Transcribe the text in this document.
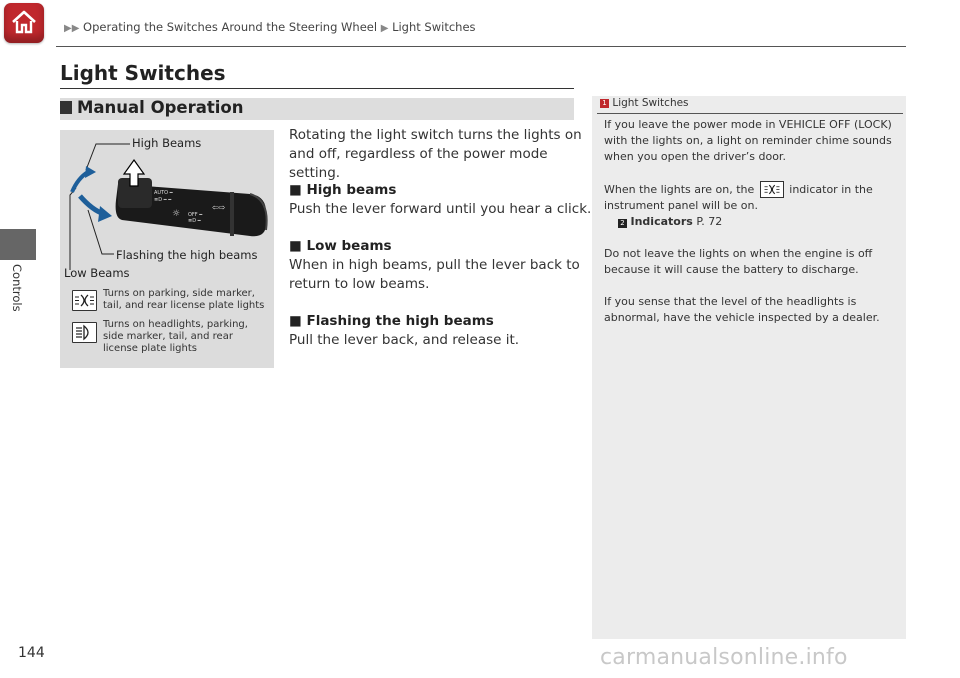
▶▶ Operating the Switches Around the Steering Wheel ▶ Light Switches
Controls
Light Switches
Manual Operation
☼ ⊲ ━
AUTO ━
≣D ━ ━
☼ OFF ━
≣D ━
⇦⇨
High Beams
Flashing the high beams
Low Beams
Turns on parking, side marker,
tail, and rear license plate lights
Turns on headlights, parking,
side marker, tail, and rear
license plate lights
Rotating the light switch turns the lights on
and off, regardless of the power mode
setting.
■ High beams
Push the lever forward until you hear a click.
■ Low beams
When in high beams, pull the lever back to
return to low beams.
■ Flashing the high beams
Pull the lever back, and release it.
1 Light Switches
If you leave the power mode in VEHICLE OFF (LOCK)
with the lights on, a light on reminder chime sounds
when you open the driver’s door.
When the lights are on, the	indicator in the
instrument panel will be on.
2 Indicators P. 72
Do not leave the lights on when the engine is off
because it will cause the battery to discharge.
If you sense that the level of the headlights is
abnormal, have the vehicle inspected by a dealer.
144	carmanualsonline.info
